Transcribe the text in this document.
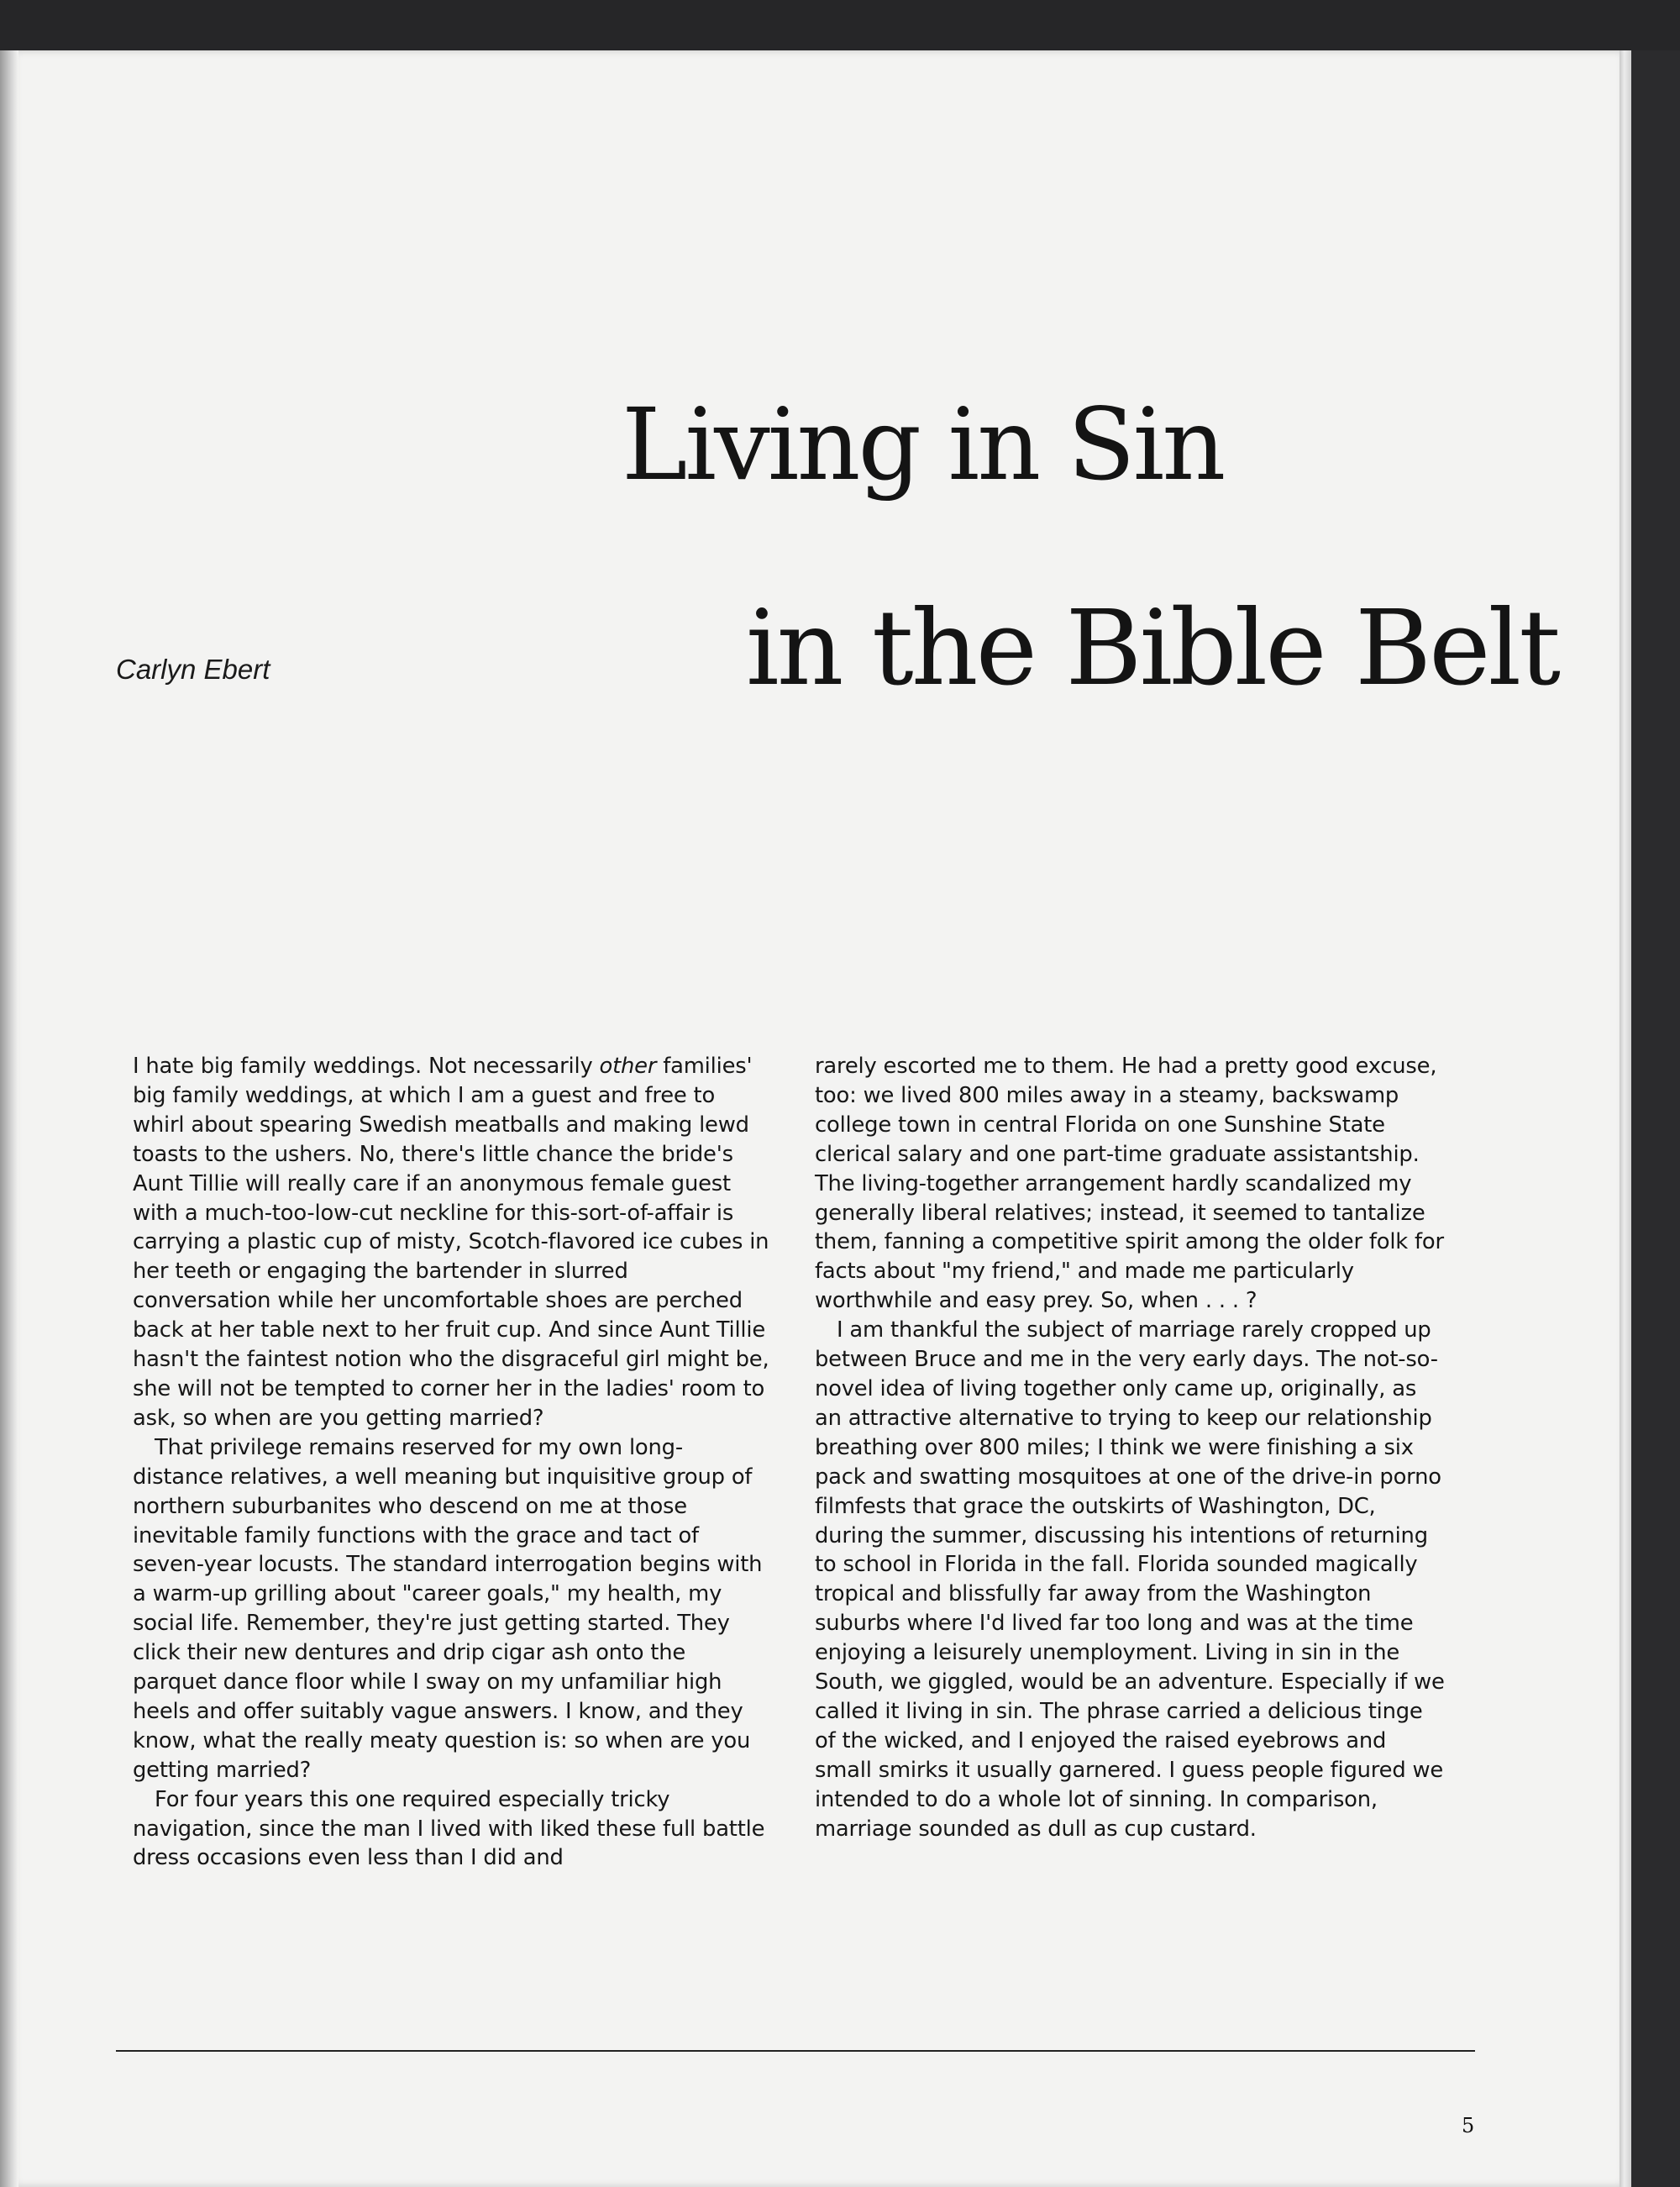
Living in Sin
in the Bible Belt

Carlyn Ebert

I hate big family weddings. Not necessarily other families' big family weddings, at which I am a guest and free to whirl about spearing Swedish meatballs and making lewd toasts to the ushers. No, there's little chance the bride's Aunt Tillie will really care if an anonymous female guest with a much-too-low-cut neckline for this-sort-of-affair is carrying a plastic cup of misty, Scotch-flavored ice cubes in her teeth or engaging the bartender in slurred conversation while her uncomfortable shoes are perched back at her table next to her fruit cup. And since Aunt Tillie hasn't the faintest notion who the disgraceful girl might be, she will not be tempted to corner her in the ladies' room to ask, so when are you getting married?

That privilege remains reserved for my own long-distance relatives, a well meaning but inquisitive group of northern suburbanites who descend on me at those inevitable family functions with the grace and tact of seven-year locusts. The standard interrogation begins with a warm-up grilling about "career goals," my health, my social life. Remember, they're just getting started. They click their new dentures and drip cigar ash onto the parquet dance floor while I sway on my unfamiliar high heels and offer suitably vague answers. I know, and they know, what the really meaty question is: so when are you getting married?

For four years this one required especially tricky navigation, since the man I lived with liked these full battle dress occasions even less than I did and

rarely escorted me to them. He had a pretty good excuse, too: we lived 800 miles away in a steamy, backswamp college town in central Florida on one Sunshine State clerical salary and one part-time graduate assistantship. The living-together arrangement hardly scandalized my generally liberal relatives; instead, it seemed to tantalize them, fanning a competitive spirit among the older folk for facts about "my friend," and made me particularly worthwhile and easy prey. So, when . . . ?

I am thankful the subject of marriage rarely cropped up between Bruce and me in the very early days. The not-so-novel idea of living together only came up, originally, as an attractive alternative to trying to keep our relationship breathing over 800 miles; I think we were finishing a six pack and swatting mosquitoes at one of the drive-in porno filmfests that grace the outskirts of Washington, DC, during the summer, discussing his intentions of returning to school in Florida in the fall. Florida sounded magically tropical and blissfully far away from the Washington suburbs where I'd lived far too long and was at the time enjoying a leisurely unemployment. Living in sin in the South, we giggled, would be an adventure. Especially if we called it living in sin. The phrase carried a delicious tinge of the wicked, and I enjoyed the raised eyebrows and small smirks it usually garnered. I guess people figured we intended to do a whole lot of sinning. In comparison, marriage sounded as dull as cup custard.

5
